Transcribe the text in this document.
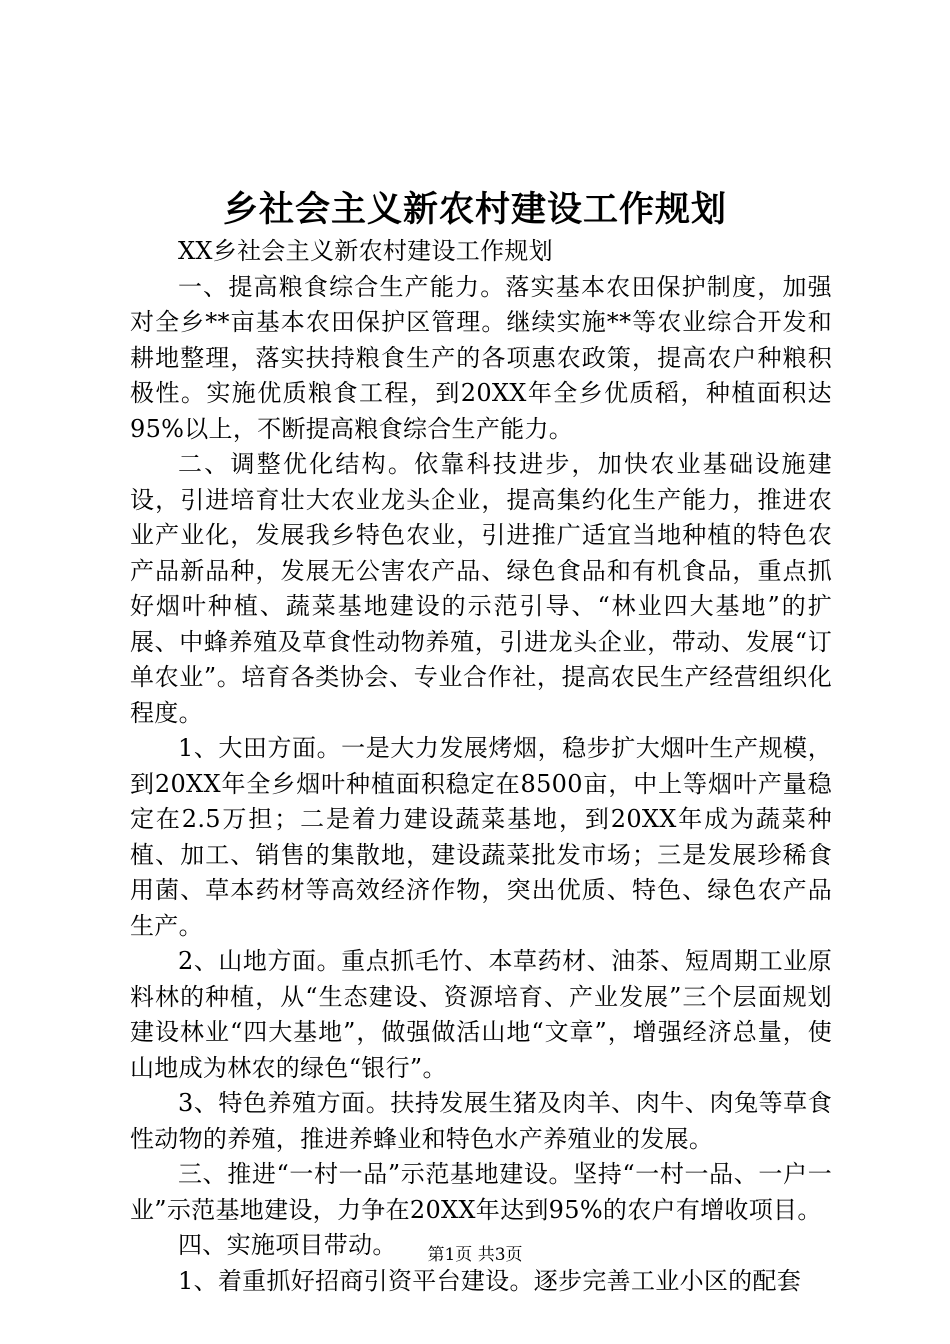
乡社会主义新农村建设工作规划

XX乡社会主义新农村建设工作规划

一、提高粮食综合生产能力。落实基本农田保护制度，加强对全乡**亩基本农田保护区管理。继续实施**等农业综合开发和耕地整理，落实扶持粮食生产的各项惠农政策，提高农户种粮积极性。实施优质粮食工程，到20XX年全乡优质稻，种植面积达95%以上，不断提高粮食综合生产能力。

二、调整优化结构。依靠科技进步，加快农业基础设施建设，引进培育壮大农业龙头企业，提高集约化生产能力，推进农业产业化，发展我乡特色农业，引进推广适宜当地种植的特色农产品新品种，发展无公害农产品、绿色食品和有机食品，重点抓好烟叶种植、蔬菜基地建设的示范引导、“林业四大基地”的扩展、中蜂养殖及草食性动物养殖，引进龙头企业，带动、发展“订单农业”。培育各类协会、专业合作社，提高农民生产经营组织化程度。

1、大田方面。一是大力发展烤烟，稳步扩大烟叶生产规模，到20XX年全乡烟叶种植面积稳定在8500亩，中上等烟叶产量稳定在2.5万担；二是着力建设蔬菜基地，到20XX年成为蔬菜种植、加工、销售的集散地，建设蔬菜批发市场；三是发展珍稀食用菌、草本药材等高效经济作物，突出优质、特色、绿色农产品生产。

2、山地方面。重点抓毛竹、本草药材、油茶、短周期工业原料林的种植，从“生态建设、资源培育、产业发展”三个层面规划建设林业“四大基地”，做强做活山地“文章”，增强经济总量，使山地成为林农的绿色“银行”。

3、特色养殖方面。扶持发展生猪及肉羊、肉牛、肉兔等草食性动物的养殖，推进养蜂业和特色水产养殖业的发展。

三、推进“一村一品”示范基地建设。坚持“一村一品、一户一业”示范基地建设，力争在20XX年达到95%的农户有增收项目。

四、实施项目带动。

1、着重抓好招商引资平台建设。逐步完善工业小区的配套

第1页 共3页
